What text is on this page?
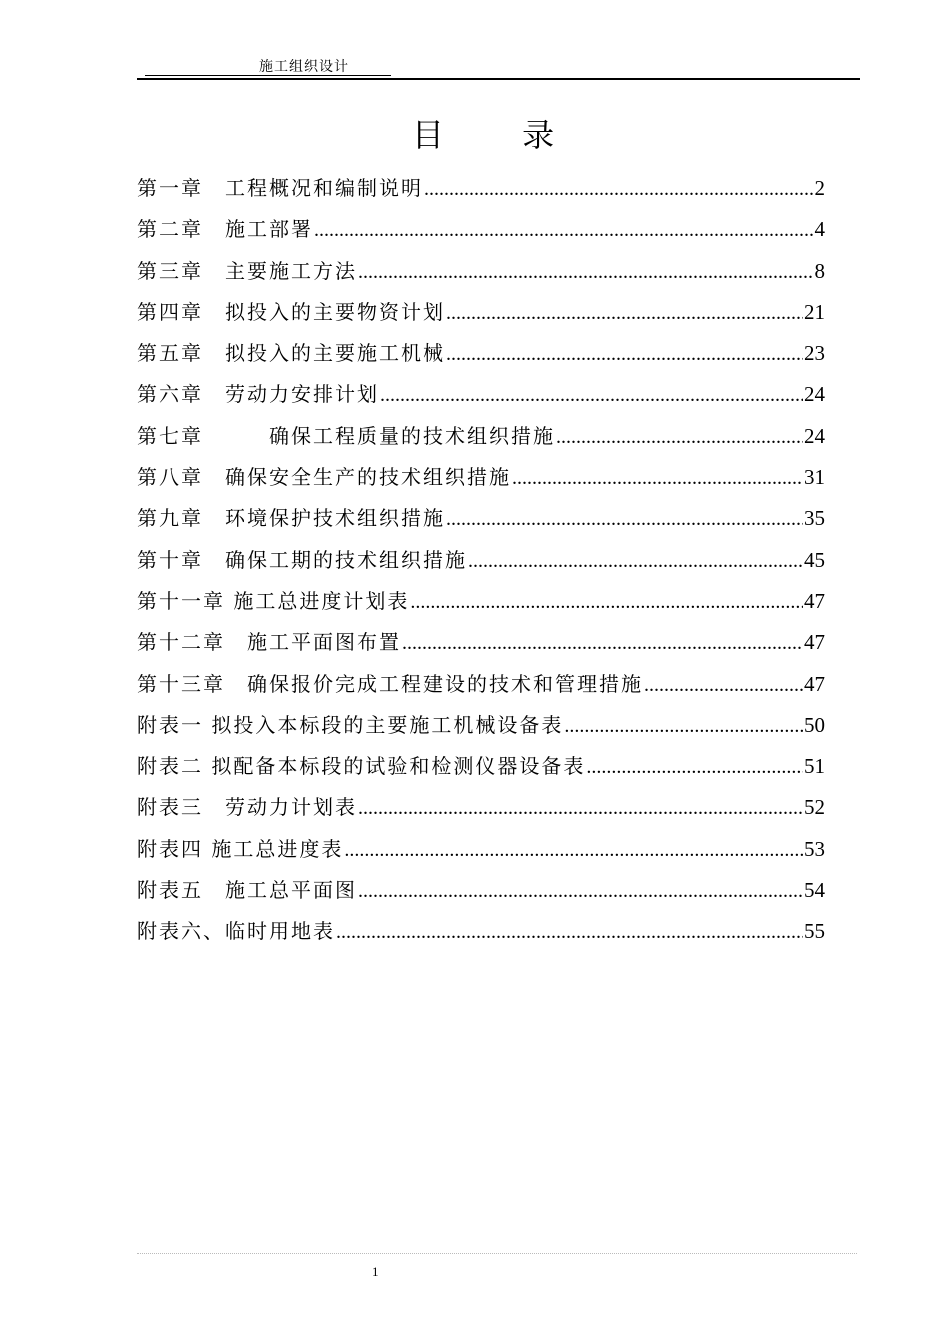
施工组织设计
目 录
第一章　工程概况和编制说明 .....	2
第二章　施工部署 .....	4
第三章　主要施工方法 .....	8
第四章　拟投入的主要物资计划 .....	21
第五章　拟投入的主要施工机械 .....	23
第六章　劳动力安排计划 .....	24
第七章　　　确保工程质量的技术组织措施 .....	24
第八章　确保安全生产的技术组织措施 .....	31
第九章　环境保护技术组织措施 .....	35
第十章　确保工期的技术组织措施 .....	45
第十一章 施工总进度计划表 .....	47
第十二章　施工平面图布置 .....	47
第十三章　确保报价完成工程建设的技术和管理措施 .....	47
附表一 拟投入本标段的主要施工机械设备表 .....	50
附表二 拟配备本标段的试验和检测仪器设备表 .....	51
附表三　劳动力计划表 .....	52
附表四 施工总进度表 .....	53
附表五　施工总平面图 .....	54
附表六、临时用地表 .....	55
1
